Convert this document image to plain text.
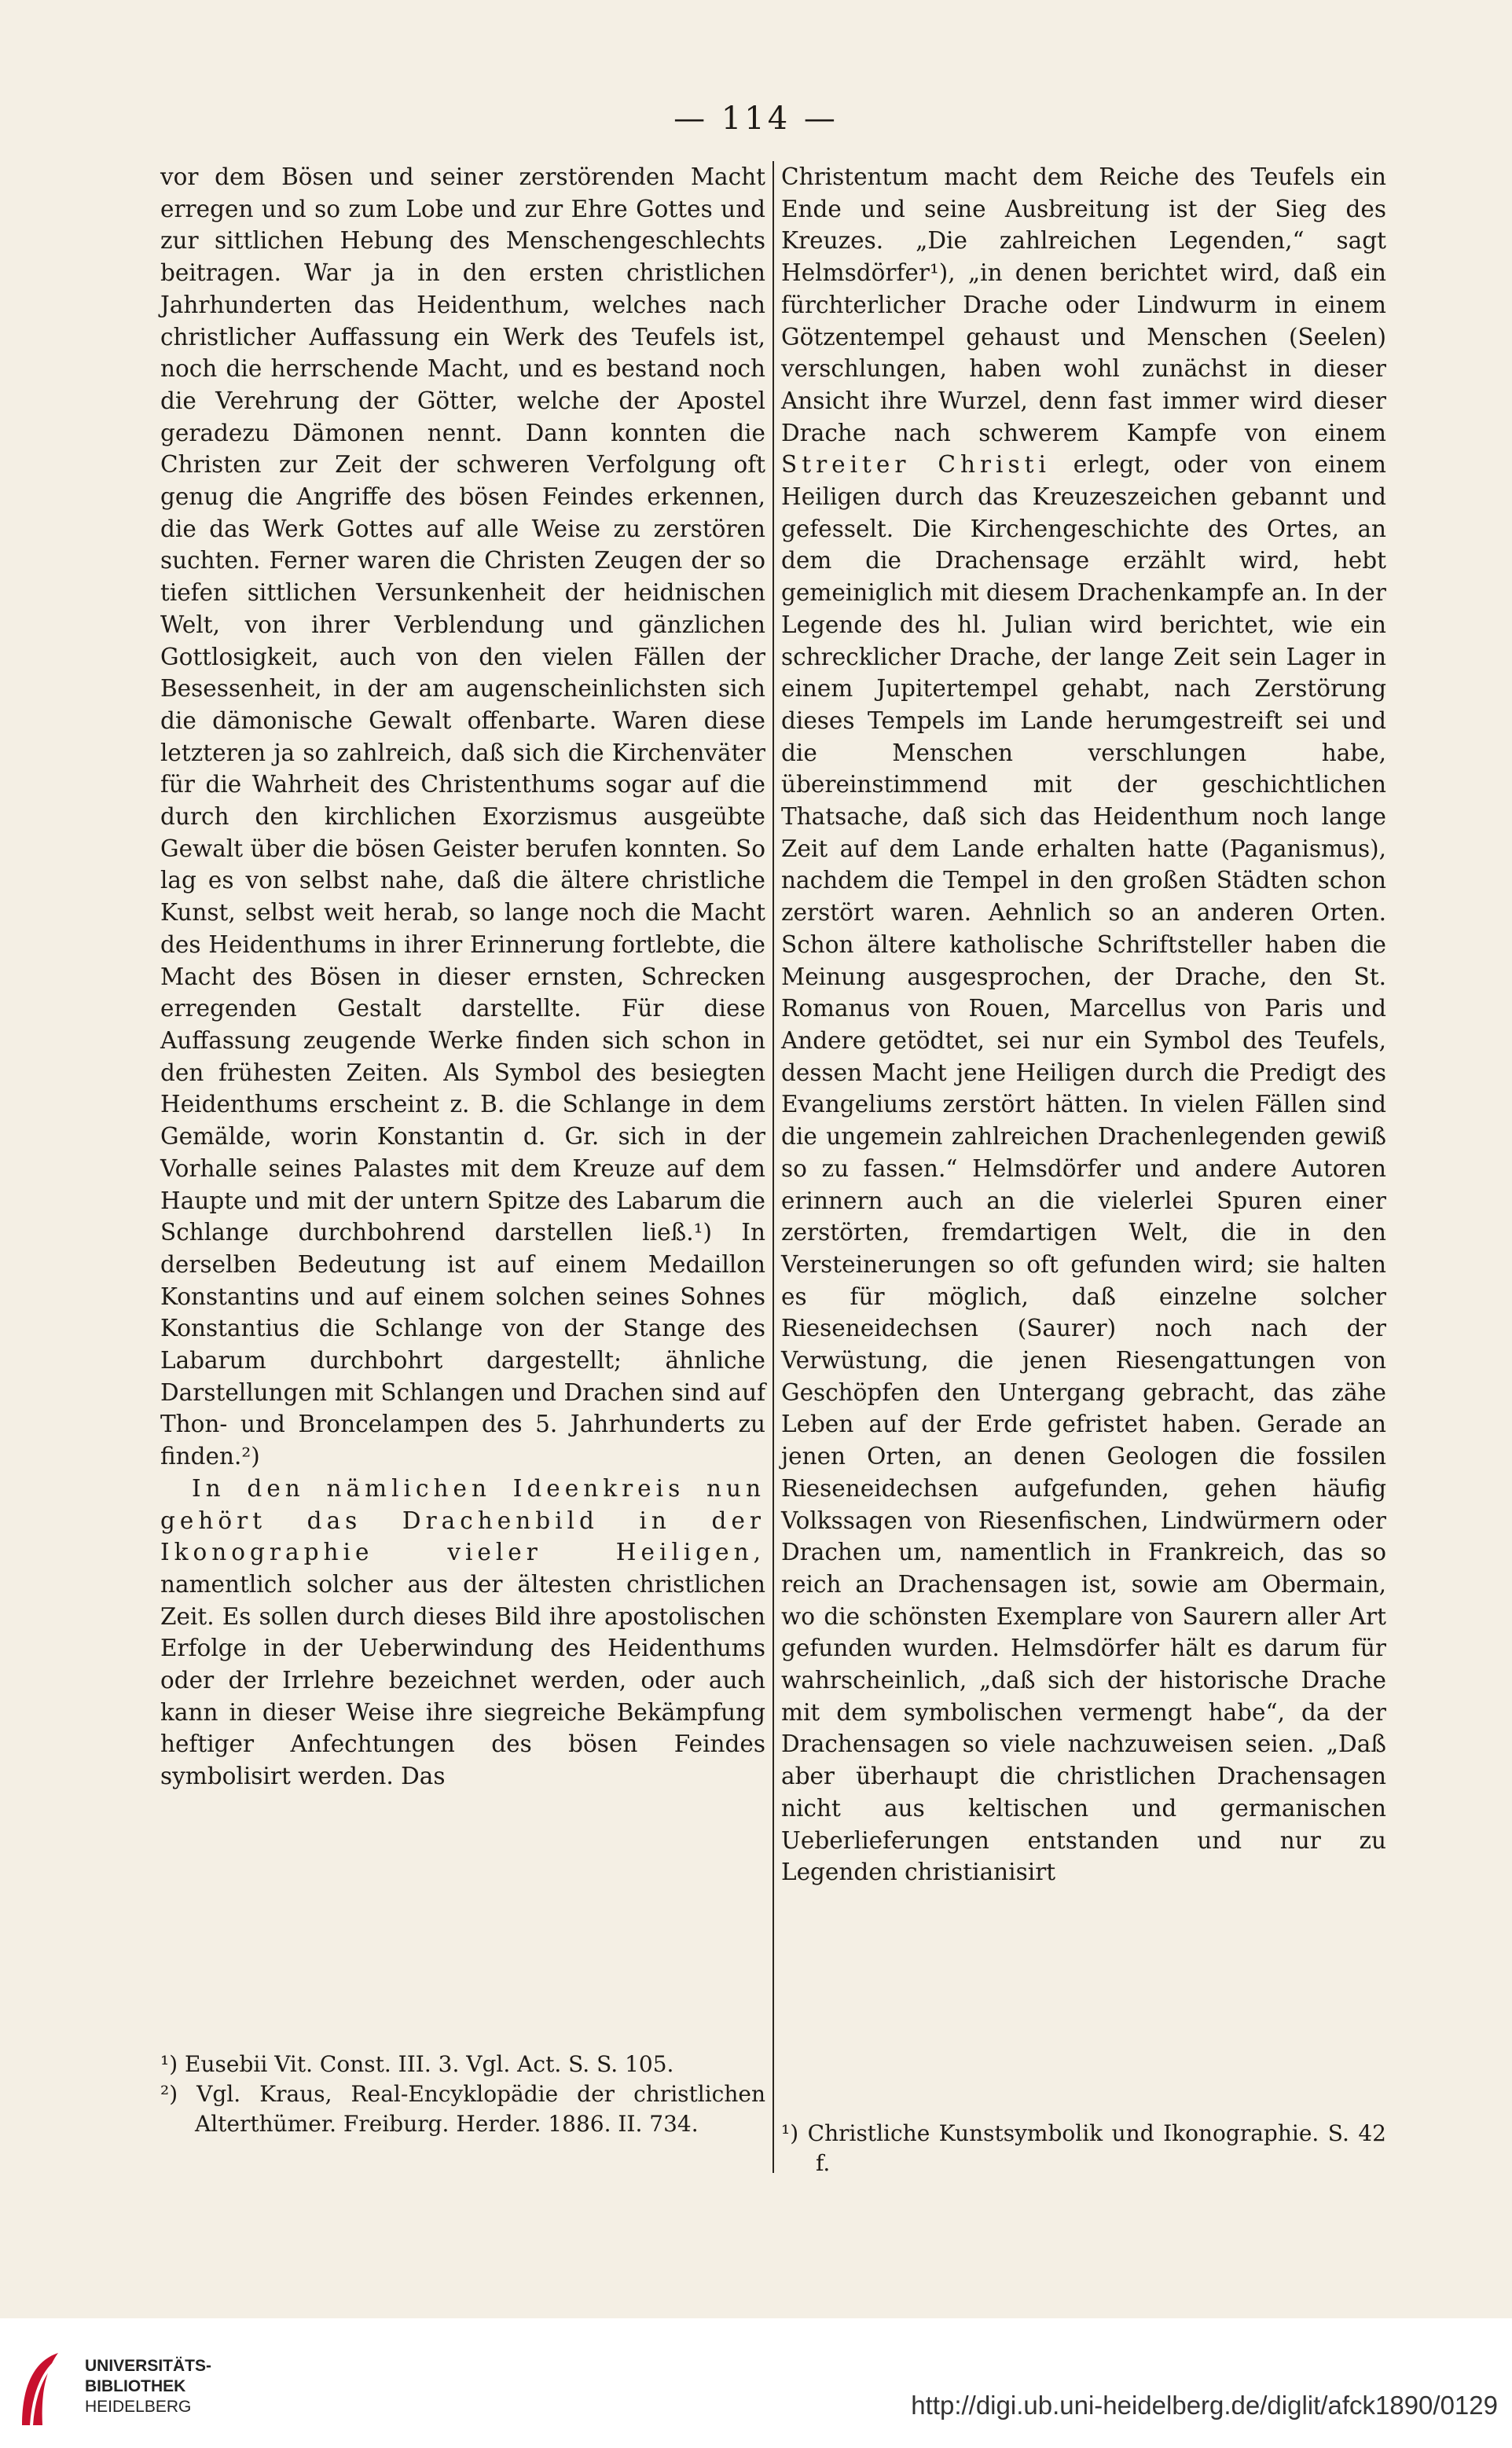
— 114 —

vor dem Bösen und seiner zerstörenden Macht erregen und so zum Lobe und zur Ehre Gottes und zur sittlichen Hebung des Menschengeschlechts beitragen. War ja in den ersten christlichen Jahrhunderten das Heidenthum, welches nach christlicher Auffassung ein Werk des Teufels ist, noch die herrschende Macht, und es bestand noch die Verehrung der Götter, welche der Apostel geradezu Dämonen nennt. Dann konnten die Christen zur Zeit der schweren Verfolgung oft genug die Angriffe des bösen Feindes erkennen, die das Werk Gottes auf alle Weise zu zerstören suchten. Ferner waren die Christen Zeugen der so tiefen sittlichen Versunkenheit der heidnischen Welt, von ihrer Verblendung und gänzlichen Gottlosigkeit, auch von den vielen Fällen der Besessenheit, in der am augenscheinlichsten sich die dämonische Gewalt offenbarte. Waren diese letzteren ja so zahlreich, daß sich die Kirchenväter für die Wahrheit des Christenthums sogar auf die durch den kirchlichen Exorzismus ausgeübte Gewalt über die bösen Geister berufen konnten. So lag es von selbst nahe, daß die ältere christliche Kunst, selbst weit herab, so lange noch die Macht des Heidenthums in ihrer Erinnerung fortlebte, die Macht des Bösen in dieser ernsten, Schrecken erregenden Gestalt darstellte. Für diese Auffassung zeugende Werke finden sich schon in den frühesten Zeiten. Als Symbol des besiegten Heidenthums erscheint z. B. die Schlange in dem Gemälde, worin Konstantin d. Gr. sich in der Vorhalle seines Palastes mit dem Kreuze auf dem Haupte und mit der untern Spitze des Labarum die Schlange durchbohrend darstellen ließ.¹) In derselben Bedeutung ist auf einem Medaillon Konstantins und auf einem solchen seines Sohnes Konstantius die Schlange von der Stange des Labarum durchbohrt dargestellt; ähnliche Darstellungen mit Schlangen und Drachen sind auf Thon- und Broncelampen des 5. Jahrhunderts zu finden.²)

In den nämlichen Ideenkreis nun gehört das Drachenbild in der Ikonographie vieler Heiligen, namentlich solcher aus der ältesten christlichen Zeit. Es sollen durch dieses Bild ihre apostolischen Erfolge in der Ueberwindung des Heidenthums oder der Irrlehre bezeichnet werden, oder auch kann in dieser Weise ihre siegreiche Bekämpfung heftiger Anfechtungen des bösen Feindes symbolisirt werden. Das

Christentum macht dem Reiche des Teufels ein Ende und seine Ausbreitung ist der Sieg des Kreuzes. „Die zahlreichen Legenden,“ sagt Helmsdörfer¹), „in denen berichtet wird, daß ein fürchterlicher Drache oder Lindwurm in einem Götzentempel gehaust und Menschen (Seelen) verschlungen, haben wohl zunächst in dieser Ansicht ihre Wurzel, denn fast immer wird dieser Drache nach schwerem Kampfe von einem Streiter Christi erlegt, oder von einem Heiligen durch das Kreuzeszeichen gebannt und gefesselt. Die Kirchengeschichte des Ortes, an dem die Drachensage erzählt wird, hebt gemeiniglich mit diesem Drachenkampfe an. In der Legende des hl. Julian wird berichtet, wie ein schrecklicher Drache, der lange Zeit sein Lager in einem Jupitertempel gehabt, nach Zerstörung dieses Tempels im Lande herumgestreift sei und die Menschen verschlungen habe, übereinstimmend mit der geschichtlichen Thatsache, daß sich das Heidenthum noch lange Zeit auf dem Lande erhalten hatte (Paganismus), nachdem die Tempel in den großen Städten schon zerstört waren. Aehnlich so an anderen Orten. Schon ältere katholische Schriftsteller haben die Meinung ausgesprochen, der Drache, den St. Romanus von Rouen, Marcellus von Paris und Andere getödtet, sei nur ein Symbol des Teufels, dessen Macht jene Heiligen durch die Predigt des Evangeliums zerstört hätten. In vielen Fällen sind die ungemein zahlreichen Drachenlegenden gewiß so zu fassen.“ Helmsdörfer und andere Autoren erinnern auch an die vielerlei Spuren einer zerstörten, fremdartigen Welt, die in den Versteinerungen so oft gefunden wird; sie halten es für möglich, daß einzelne solcher Rieseneidechsen (Saurer) noch nach der Verwüstung, die jenen Riesengattungen von Geschöpfen den Untergang gebracht, das zähe Leben auf der Erde gefristet haben. Gerade an jenen Orten, an denen Geologen die fossilen Rieseneidechsen aufgefunden, gehen häufig Volkssagen von Riesenfischen, Lindwürmern oder Drachen um, namentlich in Frankreich, das so reich an Drachensagen ist, sowie am Obermain, wo die schönsten Exemplare von Saurern aller Art gefunden wurden. Helmsdörfer hält es darum für wahrscheinlich, „daß sich der historische Drache mit dem symbolischen vermengt habe“, da der Drachensagen so viele nachzuweisen seien. „Daß aber überhaupt die christlichen Drachensagen nicht aus keltischen und germanischen Ueberlieferungen entstanden und nur zu Legenden christianisirt

¹) Eusebii Vit. Const. III. 3. Vgl. Act. S. S. 105.

²) Vgl. Kraus, Real-Encyklopädie der christlichen Alterthümer. Freiburg. Herder. 1886. II. 734.	¹) Christliche Kunstsymbolik und Ikonographie. S. 42 f.

UNIVERSITÄTS-
BIBLIOTHEK
HEIDELBERG	http://digi.ub.uni-heidelberg.de/diglit/afck1890/0129
